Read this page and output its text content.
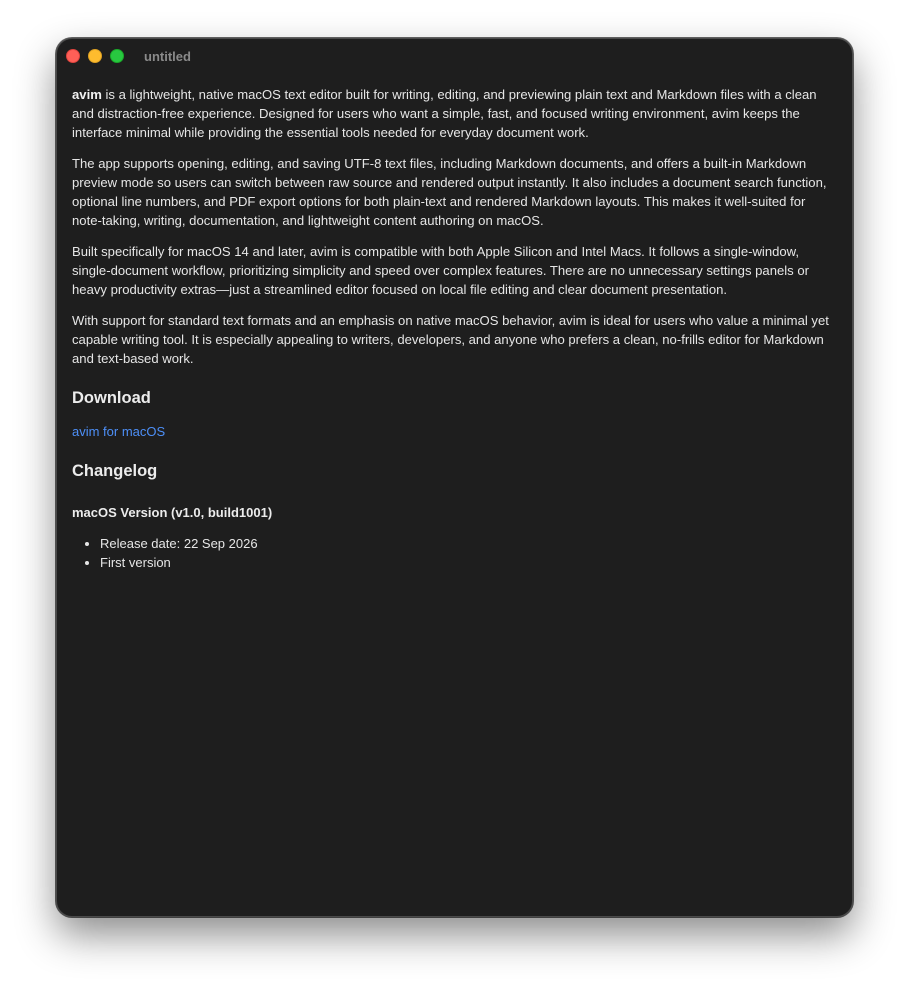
untitled

avim is a lightweight, native macOS text editor built for writing, editing, and previewing plain text and Markdown files with a clean and distraction-free experience. Designed for users who want a simple, fast, and focused writing environment, avim keeps the interface minimal while providing the essential tools needed for everyday document work.

The app supports opening, editing, and saving UTF-8 text files, including Markdown documents, and offers a built-in Markdown preview mode so users can switch between raw source and rendered output instantly. It also includes a document search function, optional line numbers, and PDF export options for both plain-text and rendered Markdown layouts. This makes it well-suited for note-taking, writing, documentation, and lightweight content authoring on macOS.

Built specifically for macOS 14 and later, avim is compatible with both Apple Silicon and Intel Macs. It follows a single-window, single-document workflow, prioritizing simplicity and speed over complex features. There are no unnecessary settings panels or heavy productivity extras—just a streamlined editor focused on local file editing and clear document presentation.

With support for standard text formats and an emphasis on native macOS behavior, avim is ideal for users who value a minimal yet capable writing tool. It is especially appealing to writers, developers, and anyone who prefers a clean, no-frills editor for Markdown and text-based work.

Download
avim for macOS
Changelog
macOS Version (v1.0, build1001)
• Release date: 22 Sep 2026
• First version
